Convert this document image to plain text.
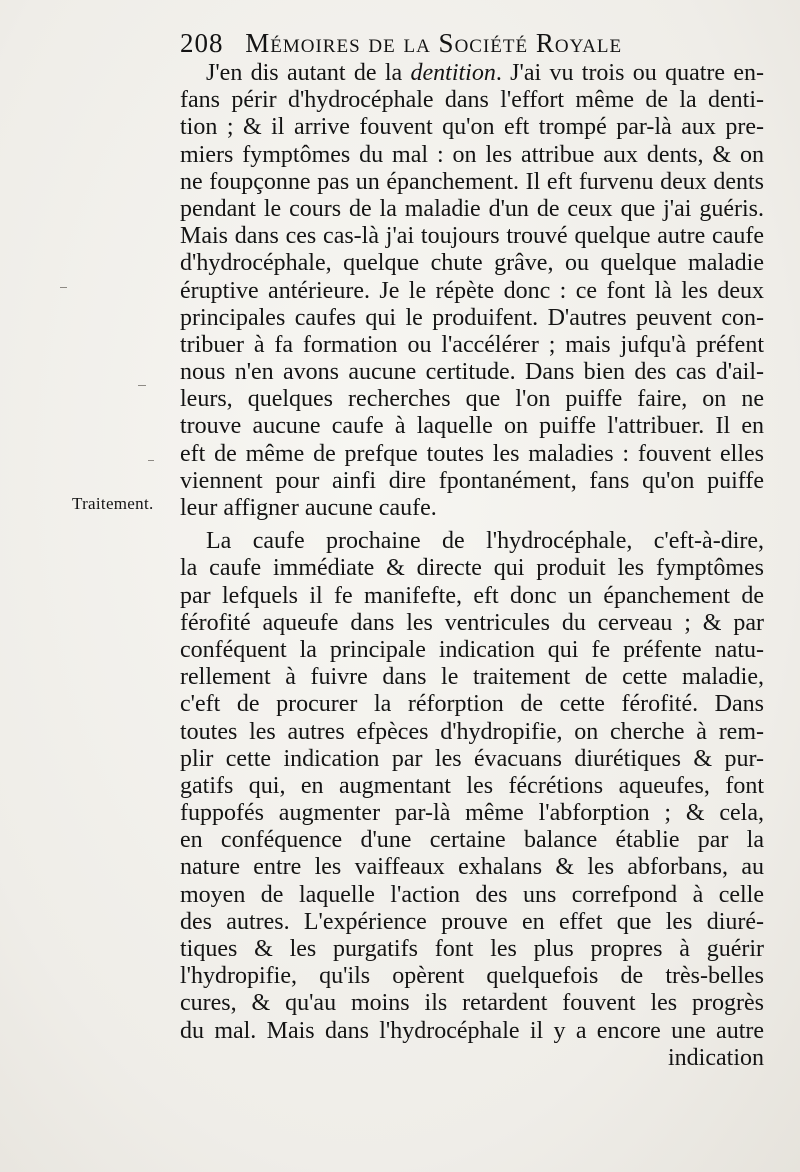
208 Mémoires de la Société Royale
Traitement.
J'en dis autant de la dentition. J'ai vu trois ou quatre en-
fans périr d'hydrocéphale dans l'effort même de la denti-
tion ; & il arrive fouvent qu'on eft trompé par-là aux pre-
miers fymptômes du mal : on les attribue aux dents, & on
ne foupçonne pas un épanchement. Il eft furvenu deux dents
pendant le cours de la maladie d'un de ceux que j'ai guéris.
Mais dans ces cas-là j'ai toujours trouvé quelque autre caufe
d'hydrocéphale, quelque chute grâve, ou quelque maladie
éruptive antérieure. Je le répète donc : ce font là les deux
principales caufes qui le produifent. D'autres peuvent con-
tribuer à fa formation ou l'accélérer ; mais jufqu'à préfent
nous n'en avons aucune certitude. Dans bien des cas d'ail-
leurs, quelques recherches que l'on puiffe faire, on ne
trouve aucune caufe à laquelle on puiffe l'attribuer. Il en
eft de même de prefque toutes les maladies : fouvent elles
viennent pour ainfi dire fpontanément, fans qu'on puiffe
leur affigner aucune caufe.
La caufe prochaine de l'hydrocéphale, c'eft-à-dire,
la caufe immédiate & directe qui produit les fymptômes
par lefquels il fe manifefte, eft donc un épanchement de
férofité aqueufe dans les ventricules du cerveau ; & par
conféquent la principale indication qui fe préfente natu-
rellement à fuivre dans le traitement de cette maladie,
c'eft de procurer la réforption de cette férofité. Dans
toutes les autres efpèces d'hydropifie, on cherche à rem-
plir cette indication par les évacuans diurétiques & pur-
gatifs qui, en augmentant les fécrétions aqueufes, font
fuppofés augmenter par-là même l'abforption ; & cela,
en conféquence d'une certaine balance établie par la
nature entre les vaiffeaux exhalans & les abforbans, au
moyen de laquelle l'action des uns correfpond à celle
des autres. L'expérience prouve en effet que les diuré-
tiques & les purgatifs font les plus propres à guérir
l'hydropifie, qu'ils opèrent quelquefois de très-belles
cures, & qu'au moins ils retardent fouvent les progrès
du mal. Mais dans l'hydrocéphale il y a encore une autre
indication
